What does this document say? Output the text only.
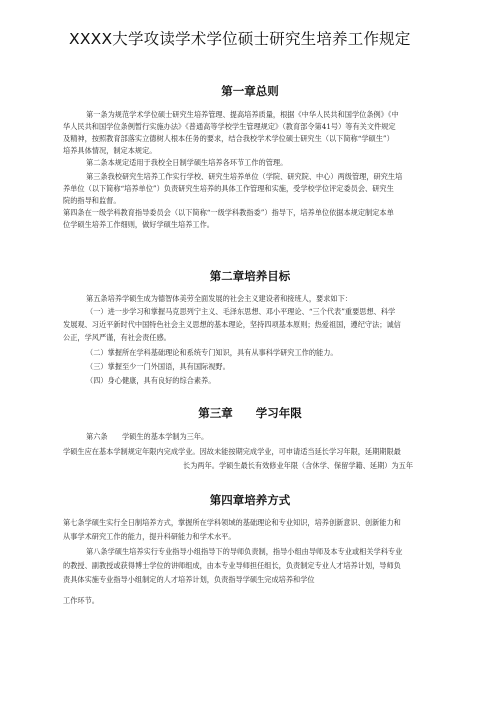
XXXX大学攻读学术学位硕士研究生培养工作规定
第一章总则
第一条为规范学术学位硕士研究生培养管理、提高培养质量，根据《中华人民共和国学位条例》《中
华人民共和国学位条例暂行实施办法》《普通高等学校学生管理规定》（教育部令第41号）等有关文件规定
及精神，按照教育部落实立德树人根本任务的要求，结合我校学术学位硕士研究生（以下简称“学硕生”）
培养具体情况，制定本规定。
第二条本规定适用于我校全日制学硕生培养各环节工作的管理。
第三条我校研究生培养工作实行学校、研究生培养单位（学院、研究院、中心）两级管理，研究生培
养单位（以下简称“培养单位”）负责研究生培养的具体工作管理和实施，受学校学位评定委员会、研究生
院的指导和监督。
第四条在一级学科教育指导委员会（以下简称“一级学科教指委”）指导下，培养单位依据本规定制定本单
位学硕生培养工作细则，做好学硕生培养工作。
第二章培养目标
第五条培养学硕生成为德智体美劳全面发展的社会主义建设者和接班人，要求如下：
（一）进一步学习和掌握马克思列宁主义、毛泽东思想、邓小平理论、“三个代表”重要思想、科学
发展观、习近平新时代中国特色社会主义思想的基本理论，坚持四项基本原则；热爱祖国，遵纪守法；诚信
公正，学风严谨，有社会责任感。
（二）掌握所在学科基础理论和系统专门知识，具有从事科学研究工作的能力。
（三）掌握至少一门外国语，具有国际视野。
（四）身心健康，具有良好的综合素养。
第三章　　学习年限
第六条　　学硕生的基本学制为三年。
学硕生应在基本学制规定年限内完成学业。因故未能按期完成学业，可申请适当延长学习年限，延期期限最
长为两年。学硕生最长有效修业年限（含休学、保留学籍、延期）为五年
第四章培养方式
第七条学硕生实行全日制培养方式，掌握所在学科领域的基础理论和专业知识，培养创新意识、创新能力和
从事学术研究工作的能力，提升科研能力和学术水平。
第八条学硕生培养实行专业指导小组指导下的导师负责制，指导小组由导师及本专业或相关学科专业
的教授、副教授或获得博士学位的讲师组成，由本专业导师担任组长，负责制定专业人才培养计划，导师负
责具体实施专业指导小组制定的人才培养计划，负责指导学硕生完成培养和学位
工作环节。
